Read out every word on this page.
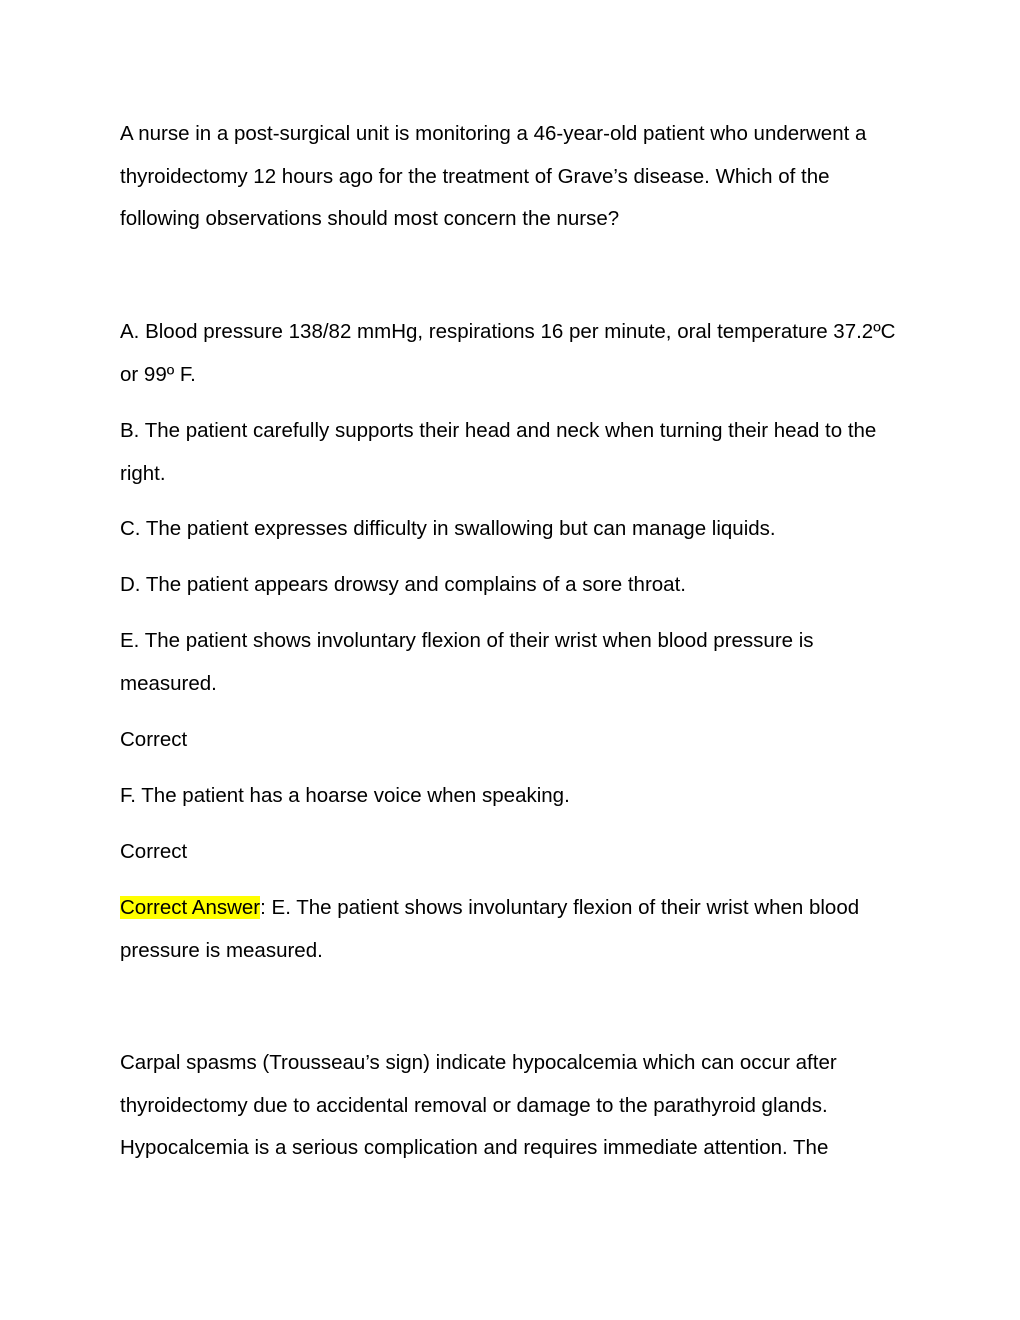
A nurse in a post-surgical unit is monitoring a 46-year-old patient who underwent a thyroidectomy 12 hours ago for the treatment of Grave’s disease. Which of the following observations should most concern the nurse?

A. Blood pressure 138/82 mmHg, respirations 16 per minute, oral temperature 37.2ºC or 99º F.

B. The patient carefully supports their head and neck when turning their head to the right.

C. The patient expresses difficulty in swallowing but can manage liquids.

D. The patient appears drowsy and complains of a sore throat.

E. The patient shows involuntary flexion of their wrist when blood pressure is measured.

Correct

F. The patient has a hoarse voice when speaking.

Correct

Correct Answer: E. The patient shows involuntary flexion of their wrist when blood pressure is measured.

Carpal spasms (Trousseau’s sign) indicate hypocalcemia which can occur after thyroidectomy due to accidental removal or damage to the parathyroid glands. Hypocalcemia is a serious complication and requires immediate attention. The
